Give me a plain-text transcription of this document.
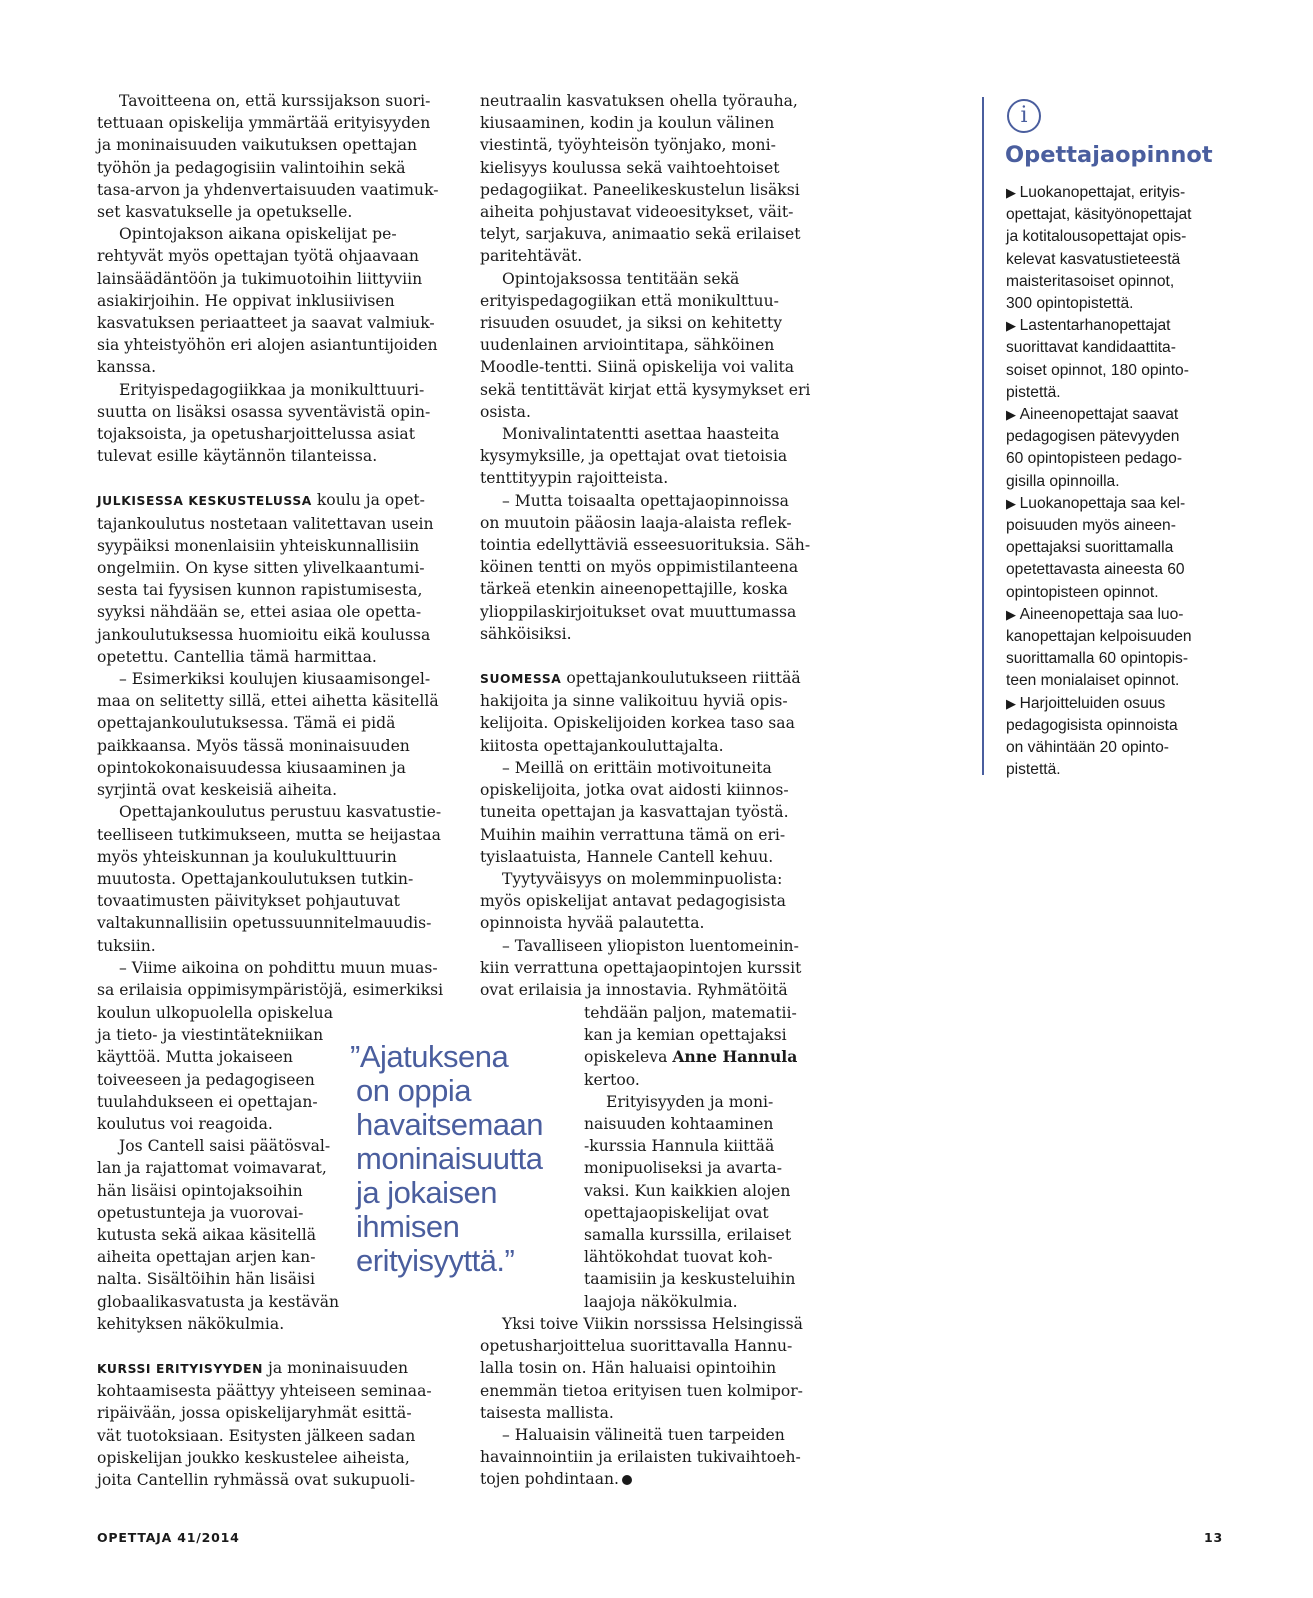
Tavoitteena on, että kurssijakson suori-
tettuaan opiskelija ymmärtää erityisyyden
ja moninaisuuden vaikutuksen opettajan
työhön ja pedagogisiin valintoihin sekä
tasa-arvon ja yhdenvertaisuuden vaatimuk-
set kasvatukselle ja opetukselle.
Opintojakson aikana opiskelijat pe-
rehtyvät myös opettajan työtä ohjaavaan
lainsäädäntöön ja tukimuotoihin liittyviin
asiakirjoihin. He oppivat inklusiivisen
kasvatuksen periaatteet ja saavat valmiuk-
sia yhteistyöhön eri alojen asiantuntijoiden
kanssa.
Erityispedagogiikkaa ja monikulttuuri-
suutta on lisäksi osassa syventävistä opin-
tojaksoista, ja opetusharjoittelussa asiat
tulevat esille käytännön tilanteissa.
JULKISESSA KESKUSTELUSSA koulu ja opet-
tajankoulutus nostetaan valitettavan usein
syypäiksi monenlaisiin yhteiskunnallisiin
ongelmiin. On kyse sitten ylivelkaantumi-
sesta tai fyysisen kunnon rapistumisesta,
syyksi nähdään se, ettei asiaa ole opetta-
jankoulutuksessa huomioitu eikä koulussa
opetettu. Cantellia tämä harmittaa.
– Esimerkiksi koulujen kiusaamisongel-
maa on selitetty sillä, ettei aihetta käsitellä
opettajankoulutuksessa. Tämä ei pidä
paikkaansa. Myös tässä moninaisuuden
opintokokonaisuudessa kiusaaminen ja
syrjintä ovat keskeisiä aiheita.
Opettajankoulutus perustuu kasvatustie-
teelliseen tutkimukseen, mutta se heijastaa
myös yhteiskunnan ja koulukulttuurin
muutosta. Opettajankoulutuksen tutkin-
tovaatimusten päivitykset pohjautuvat
valtakunnallisiin opetussuunnitelmauudis-
tuksiin.
– Viime aikoina on pohdittu muun muas-
sa erilaisia oppimisympäristöjä, esimerkiksi
koulun ulkopuolella opiskelua
ja tieto- ja viestintätekniikan
käyttöä. Mutta jokaiseen
toiveeseen ja pedagogiseen
tuulahdukseen ei opettajan-
koulutus voi reagoida.
Jos Cantell saisi päätösval-
lan ja rajattomat voimavarat,
hän lisäisi opintojaksoihin
opetustunteja ja vuorovai-
kutusta sekä aikaa käsitellä
aiheita opettajan arjen kan-
nalta. Sisältöihin hän lisäisi
globaalikasvatusta ja kestävän
kehityksen näkökulmia.
KURSSI ERITYISYYDEN ja moninaisuuden
kohtaamisesta päättyy yhteiseen seminaa-
ripäivään, jossa opiskelijaryhmät esittä-
vät tuotoksiaan. Esitysten jälkeen sadan
opiskelijan joukko keskustelee aiheista,
joita Cantellin ryhmässä ovat sukupuoli-
neutraalin kasvatuksen ohella työrauha,
kiusaaminen, kodin ja koulun välinen
viestintä, työyhteisön työnjako, moni-
kielisyys koulussa sekä vaihtoehtoiset
pedagogiikat. Paneelikeskustelun lisäksi
aiheita pohjustavat videoesitykset, väit-
telyt, sarjakuva, animaatio sekä erilaiset
paritehtävät.
Opintojaksossa tentitään sekä
erityispedagogiikan että monikulttuu-
risuuden osuudet, ja siksi on kehitetty
uudenlainen arviointitapa, sähköinen
Moodle-tentti. Siinä opiskelija voi valita
sekä tentittävät kirjat että kysymykset eri
osista.
Monivalintatentti asettaa haasteita
kysymyksille, ja opettajat ovat tietoisia
tenttityypin rajoitteista.
– Mutta toisaalta opettajaopinnoissa
on muutoin pääosin laaja-alaista reflek-
tointia edellyttäviä esseesuorituksia. Säh-
köinen tentti on myös oppimistilanteena
tärkeä etenkin aineenopettajille, koska
ylioppilaskirjoitukset ovat muuttumassa
sähköisiksi.
SUOMESSA opettajankoulutukseen riittää
hakijoita ja sinne valikoituu hyviä opis-
kelijoita. Opiskelijoiden korkea taso saa
kiitosta opettajankouluttajalta.
– Meillä on erittäin motivoituneita
opiskelijoita, jotka ovat aidosti kiinnos-
tuneita opettajan ja kasvattajan työstä.
Muihin maihin verrattuna tämä on eri-
tyislaatuista, Hannele Cantell kehuu.
Tyytyväisyys on molemminpuolista:
myös opiskelijat antavat pedagogisista
opinnoista hyvää palautetta.
– Tavalliseen yliopiston luentomeinin-
kiin verrattuna opettajaopintojen kurssit
ovat erilaisia ja innostavia. Ryhmätöitä
tehdään paljon, matematii-
kan ja kemian opettajaksi
opiskeleva Anne Hannula
kertoo.
Erityisyyden ja moni-
naisuuden kohtaaminen
-kurssia Hannula kiittää
monipuoliseksi ja avarta-
vaksi. Kun kaikkien alojen
opettajaopiskelijat ovat
samalla kurssilla, erilaiset
lähtökohdat tuovat koh-
taamisiin ja keskusteluihin
laajoja näkökulmia.
Yksi toive Viikin norssissa Helsingissä
opetusharjoittelua suorittavalla Hannu-
lalla tosin on. Hän haluaisi opintoihin
enemmän tietoa erityisen tuen kolmipor-
taisesta mallista.
– Haluaisin välineitä tuen tarpeiden
havainnointiin ja erilaisten tukivaihtoeh-
tojen pohdintaan.
”Ajatuksena
on oppia
havaitsemaan
moninaisuutta
ja jokaisen
ihmisen
erityisyyttä.”
i
Opettajaopinnot
▶ Luokanopettajat, erityis-
opettajat, käsityönopettajat
ja kotitalousopettajat opis-
kelevat kasvatustieteestä
maisteritasoiset opinnot,
300 opintopistettä.
▶ Lastentarhanopettajat
suorittavat kandidaattita-
soiset opinnot, 180 opinto-
pistettä.
▶ Aineenopettajat saavat
pedagogisen pätevyyden
60 opintopisteen pedago-
gisilla opinnoilla.
▶ Luokanopettaja saa kel-
poisuuden myös aineen-
opettajaksi suorittamalla
opetettavasta aineesta 60
opintopisteen opinnot.
▶ Aineenopettaja saa luo-
kanopettajan kelpoisuuden
suorittamalla 60 opintopis-
teen monialaiset opinnot.
▶ Harjoitteluiden osuus
pedagogisista opinnoista
on vähintään 20 opinto-
pistettä.
OPETTAJA 41/2014	13
